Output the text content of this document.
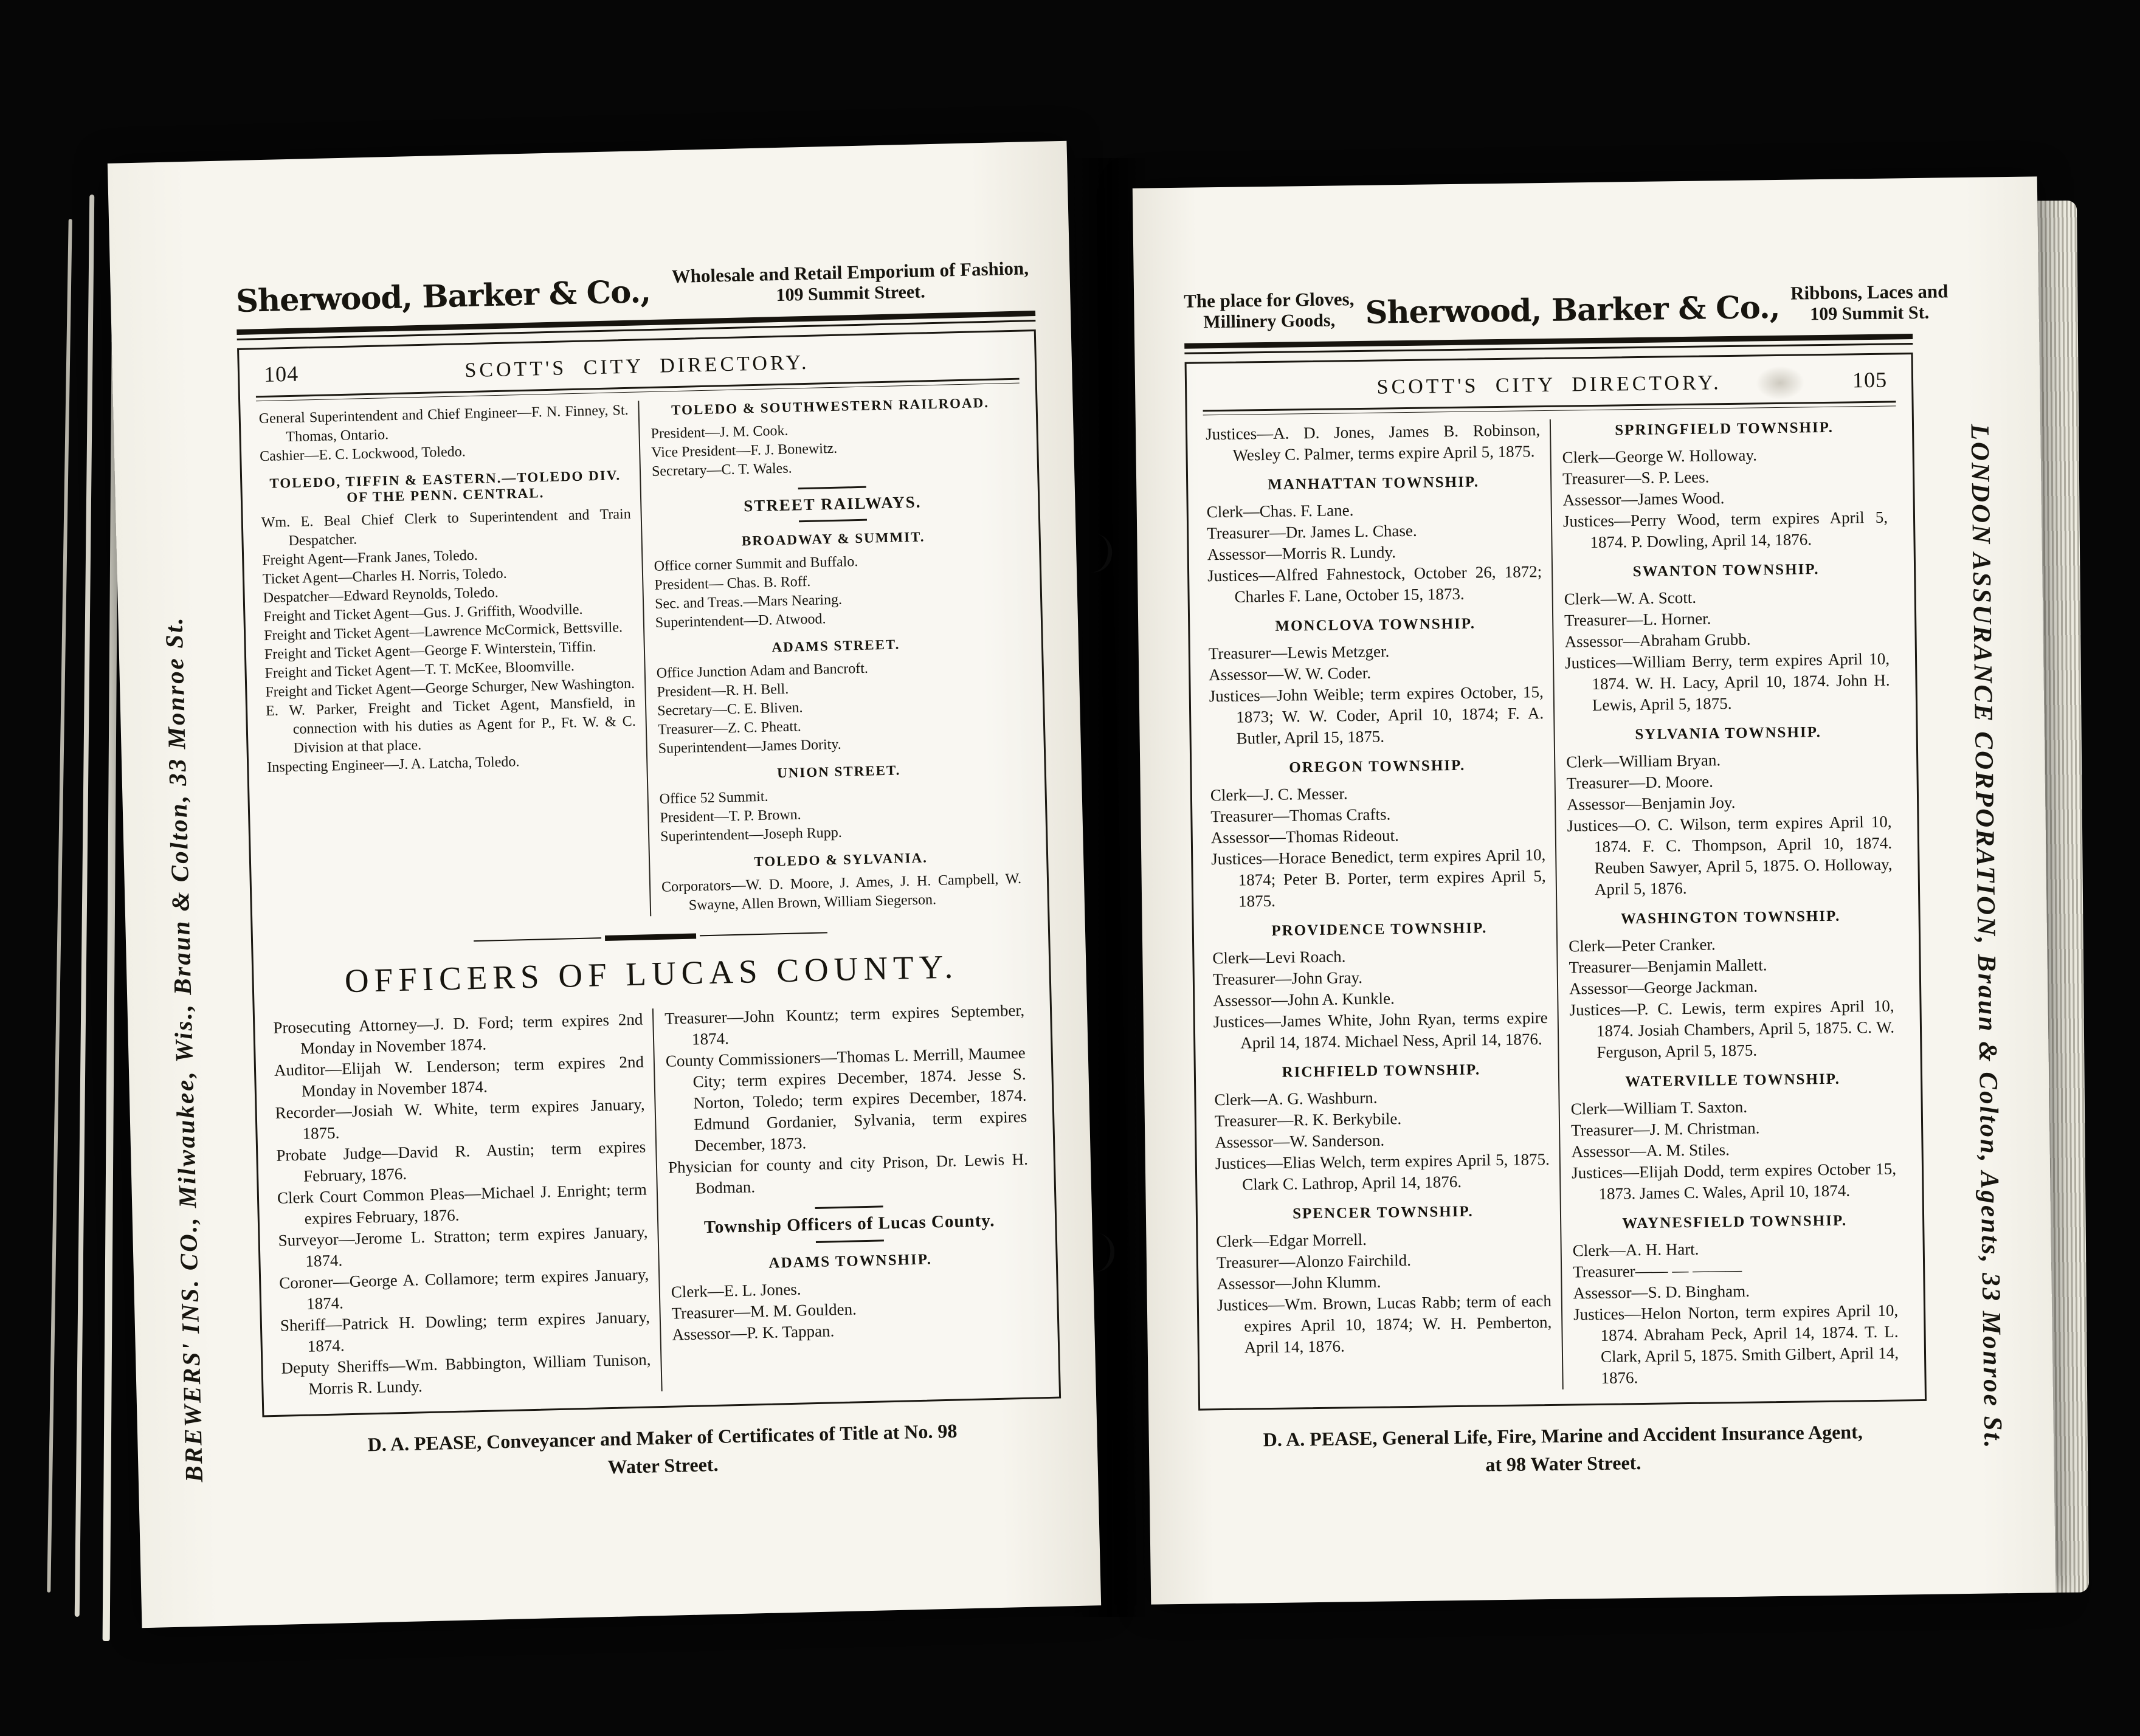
BREWERS' INS. CO., Milwaukee, Wis., Braun & Colton, 33 Monroe St.
Sherwood, Barker & Co.,
Wholesale and Retail Emporium of Fashion,
109 Summit Street.
104	SCOTT'S CITY DIRECTORY.

General Superintendent and Chief Engineer—F. N. Finney, St. Thomas, Ontario.

Cashier—E. C. Lockwood, Toledo.

TOLEDO, TIFFIN & EASTERN.—TOLEDO DIV. OF THE PENN. CENTRAL.

Wm. E. Beal Chief Clerk to Superintendent and Train Despatcher.

Freight Agent—Frank Janes, Toledo.

Ticket Agent—Charles H. Norris, Toledo.

Despatcher—Edward Reynolds, Toledo.

Freight and Ticket Agent—Gus. J. Griffith, Woodville.

Freight and Ticket Agent—Lawrence McCormick, Bettsville.

Freight and Ticket Agent—George F. Winterstein, Tiffin.

Freight and Ticket Agent—T. T. McKee, Bloomville.

Freight and Ticket Agent—George Schurger, New Washington.

E. W. Parker, Freight and Ticket Agent, Mansfield, in connection with his duties as Agent for P., Ft. W. & C. Division at that place.

Inspecting Engineer—J. A. Latcha, Toledo.

TOLEDO & SOUTHWESTERN RAILROAD.

President—J. M. Cook.

Vice President—F. J. Bonewitz.

Secretary—C. T. Wales.

STREET RAILWAYS.
BROADWAY & SUMMIT.

Office corner Summit and Buffalo.

President— Chas. B. Roff.

Sec. and Treas.—Mars Nearing.

Superintendent—D. Atwood.

ADAMS STREET.

Office Junction Adam and Bancroft.

President—R. H. Bell.

Secretary—C. E. Bliven.

Treasurer—Z. C. Pheatt.

Superintendent—James Dority.

UNION STREET.

Office 52 Summit.

President—T. P. Brown.

Superintendent—Joseph Rupp.

TOLEDO & SYLVANIA.

Corporators—W. D. Moore, J. Ames, J. H. Campbell, W. Swayne, Allen Brown, William Siegerson.

OFFICERS OF LUCAS COUNTY.

Prosecuting Attorney—J. D. Ford; term expires 2nd Monday in November 1874.

Auditor—Elijah W. Lenderson; term expires 2nd Monday in November 1874.

Recorder—Josiah W. White, term expires January, 1875.

Probate Judge—David R. Austin; term expires February, 1876.

Clerk Court Common Pleas—Michael J. Enright; term expires February, 1876.

Surveyor—Jerome L. Stratton; term expires January, 1874.

Coroner—George A. Collamore; term expires January, 1874.

Sheriff—Patrick H. Dowling; term expires January, 1874.

Deputy Sheriffs—Wm. Babbington, William Tunison, Morris R. Lundy.

Treasurer—John Kountz; term expires September, 1874.

County Commissioners—Thomas L. Merrill, Maumee City; term expires December, 1874. Jesse S. Norton, Toledo; term expires December, 1874. Edmund Gordanier, Sylvania, term expires December, 1873.

Physician for county and city Prison, Dr. Lewis H. Bodman.

Township Officers of Lucas County.
ADAMS TOWNSHIP.

Clerk—E. L. Jones.

Treasurer—M. M. Goulden.

Assessor—P. K. Tappan.

D. A. PEASE, Conveyancer and Maker of Certificates of Title at No. 98
Water Street.
LONDON ASSURANCE CORPORATION, Braun & Colton, Agents, 33 Monroe St.
The place for Gloves,
Millinery Goods, Sherwood, Barker & Co., Ribbons, Laces and
109 Summit St.
SCOTT'S CITY DIRECTORY.	105

Justices—A. D. Jones, James B. Robinson, Wesley C. Palmer, terms expire April 5, 1875.

MANHATTAN TOWNSHIP.

Clerk—Chas. F. Lane.

Treasurer—Dr. James L. Chase.

Assessor—Morris R. Lundy.

Justices—Alfred Fahnestock, October 26, 1872; Charles F. Lane, October 15, 1873.

MONCLOVA TOWNSHIP.

Treasurer—Lewis Metzger.

Assessor—W. W. Coder.

Justices—John Weible; term expires October, 15, 1873; W. W. Coder, April 10, 1874; F. A. Butler, April 15, 1875.

OREGON TOWNSHIP.

Clerk—J. C. Messer.

Treasurer—Thomas Crafts.

Assessor—Thomas Rideout.

Justices—Horace Benedict, term expires April 10, 1874; Peter B. Porter, term expires April 5, 1875.

PROVIDENCE TOWNSHIP.

Clerk—Levi Roach.

Treasurer—John Gray.

Assessor—John A. Kunkle.

Justices—James White, John Ryan, terms expire April 14, 1874. Michael Ness, April 14, 1876.

RICHFIELD TOWNSHIP.

Clerk—A. G. Washburn.

Treasurer—R. K. Berkybile.

Assessor—W. Sanderson.

Justices—Elias Welch, term expires April 5, 1875. Clark C. Lathrop, April 14, 1876.

SPENCER TOWNSHIP.

Clerk—Edgar Morrell.

Treasurer—Alonzo Fairchild.

Assessor—John Klumm.

Justices—Wm. Brown, Lucas Rabb; term of each expires April 10, 1874; W. H. Pemberton, April 14, 1876.

SPRINGFIELD TOWNSHIP.

Clerk—George W. Holloway.

Treasurer—S. P. Lees.

Assessor—James Wood.

Justices—Perry Wood, term expires April 5, 1874. P. Dowling, April 14, 1876.

SWANTON TOWNSHIP.

Clerk—W. A. Scott.

Treasurer—L. Horner.

Assessor—Abraham Grubb.

Justices—William Berry, term expires April 10, 1874. W. H. Lacy, April 10, 1874. John H. Lewis, April 5, 1875.

SYLVANIA TOWNSHIP.

Clerk—William Bryan.

Treasurer—D. Moore.

Assessor—Benjamin Joy.

Justices—O. C. Wilson, term expires April 10, 1874. F. C. Thompson, April 10, 1874. Reuben Sawyer, April 5, 1875. O. Holloway, April 5, 1876.

WASHINGTON TOWNSHIP.

Clerk—Peter Cranker.

Treasurer—Benjamin Mallett.

Assessor—George Jackman.

Justices—P. C. Lewis, term expires April 10, 1874. Josiah Chambers, April 5, 1875. C. W. Ferguson, April 5, 1875.

WATERVILLE TOWNSHIP.

Clerk—William T. Saxton.

Treasurer—J. M. Christman.

Assessor—A. M. Stiles.

Justices—Elijah Dodd, term expires October 15, 1873. James C. Wales, April 10, 1874.

WAYNESFIELD TOWNSHIP.

Clerk—A. H. Hart.

Treasurer—— — ———

Assessor—S. D. Bingham.

Justices—Helon Norton, term expires April 10, 1874. Abraham Peck, April 14, 1874. T. L. Clark, April 5, 1875. Smith Gilbert, April 14, 1876.

D. A. PEASE, General Life, Fire, Marine and Accident Insurance Agent,
at 98 Water Street.
